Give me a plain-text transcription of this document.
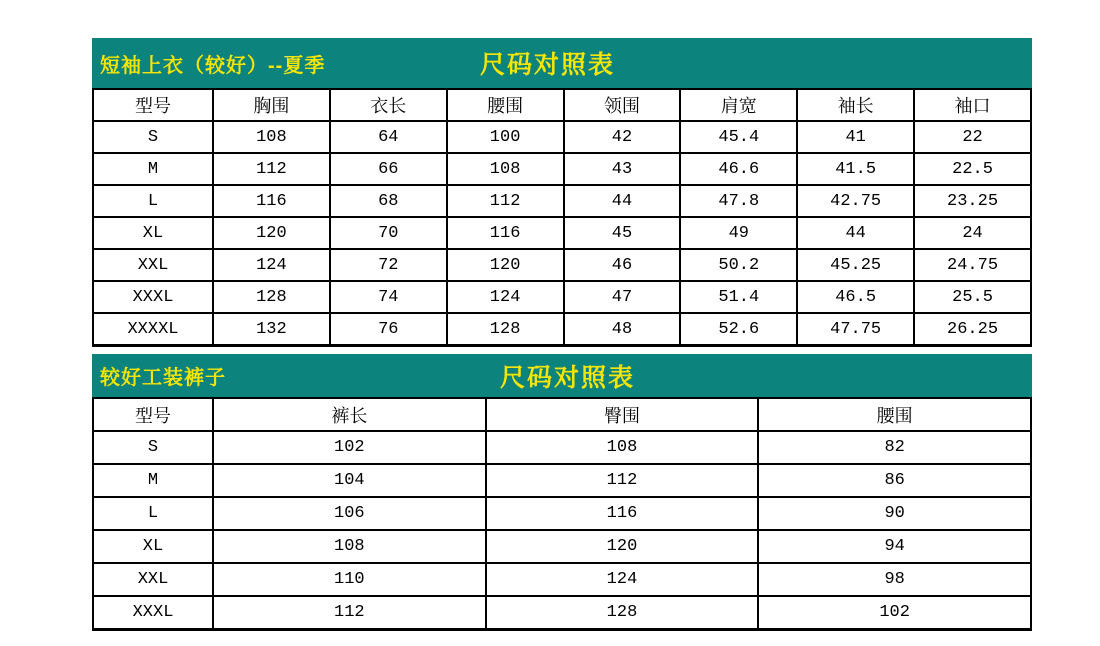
短袖上衣（较好）--夏季	尺码对照表
型号	胸围	衣长	腰围	领围	肩宽	袖长	袖口
S	108	64	100	42	45.4	41	22
M	112	66	108	43	46.6	41.5	22.5
L	116	68	112	44	47.8	42.75	23.25
XL	120	70	116	45	49	44	24
XXL	124	72	120	46	50.2	45.25	24.75
XXXL	128	74	124	47	51.4	46.5	25.5
XXXXL	132	76	128	48	52.6	47.75	26.25
较好工装裤子	尺码对照表
型号	裤长	臀围	腰围
S	102	108	82
M	104	112	86
L	106	116	90
XL	108	120	94
XXL	110	124	98
XXXL	112	128	102
